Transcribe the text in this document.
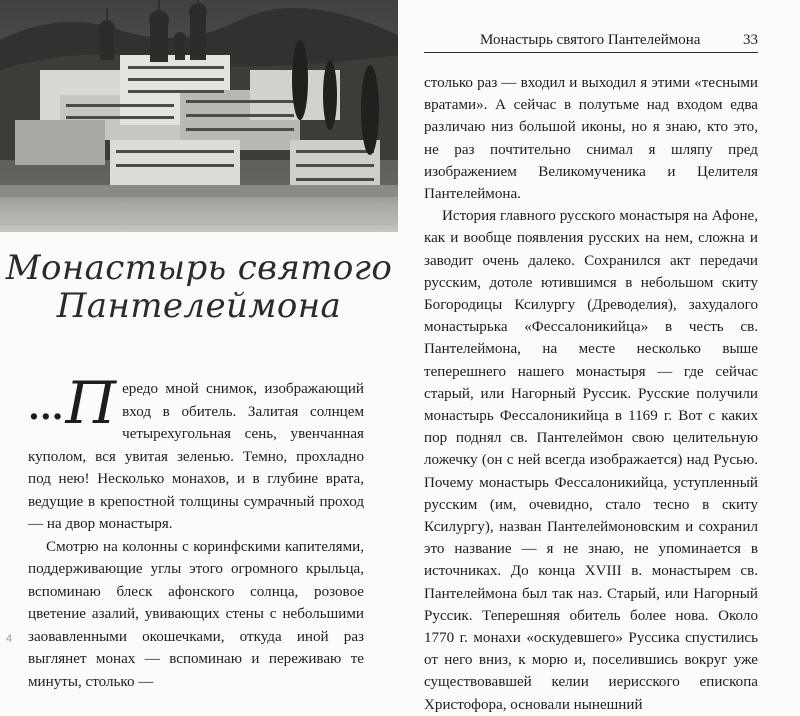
Монастырь святого
Пантелеймона

...П ередо мной снимок, изображающий вход в обитель. Залитая солнцем четырехугольная сень, увенчанная куполом, вся увитая зеленью. Темно, прохладно под нею! Несколько монахов, и в глубине врата, ведущие в крепостной толщины сумрачный проход — на двор монастыря.

Смотрю на колонны с коринфскими капителями, поддерживающие углы этого огромного крыльца, вспоминаю блеск афонского солнца, розовое цветение азалий, увивающих стены с небольшими заовавленными окошечками, откуда иной раз выглянет монах — вспоминаю и переживаю те минуты, столько —

4
Монастырь святого Пантелеймона	33

столько раз — входил и выходил я этими «тесными вратами». А сейчас в полутьме над входом едва различаю низ большой иконы, но я знаю, кто это, не раз почтительно снимал я шляпу пред изображением Великомученика и Целителя Пантелеймона.

История главного русского монастыря на Афоне, как и вообще появления русских на нем, сложна и заводит очень далеко. Сохранился акт передачи русским, дотоле ютившимся в небольшом скиту Богородицы Ксилургу (Древоделия), захудалого монастырька «Фессалоникийца» в честь св. Пантелеймона, на месте несколько выше теперешнего нашего монастыря — где сейчас старый, или Нагорный Руссик. Русские получили монастырь Фессалоникийца в 1169 г. Вот с каких пор поднял св. Пантелеймон свою целительную ложечку (он с ней всегда изображается) над Русью. Почему монастырь Фессалоникийца, уступленный русским (им, очевидно, стало тесно в скиту Ксилургу), назван Пантелеймоновским и сохранил это название — я не знаю, не упоминается в источниках. До конца XVIII в. монастырем св. Пантелеймона был так наз. Старый, или Нагорный Руссик. Теперешняя обитель более нова. Около 1770 г. монахи «оскудевшего» Руссика спустились от него вниз, к морю и, поселившись вокруг уже существовавшей келии иерисского епископа Христофора, основали нынешний
